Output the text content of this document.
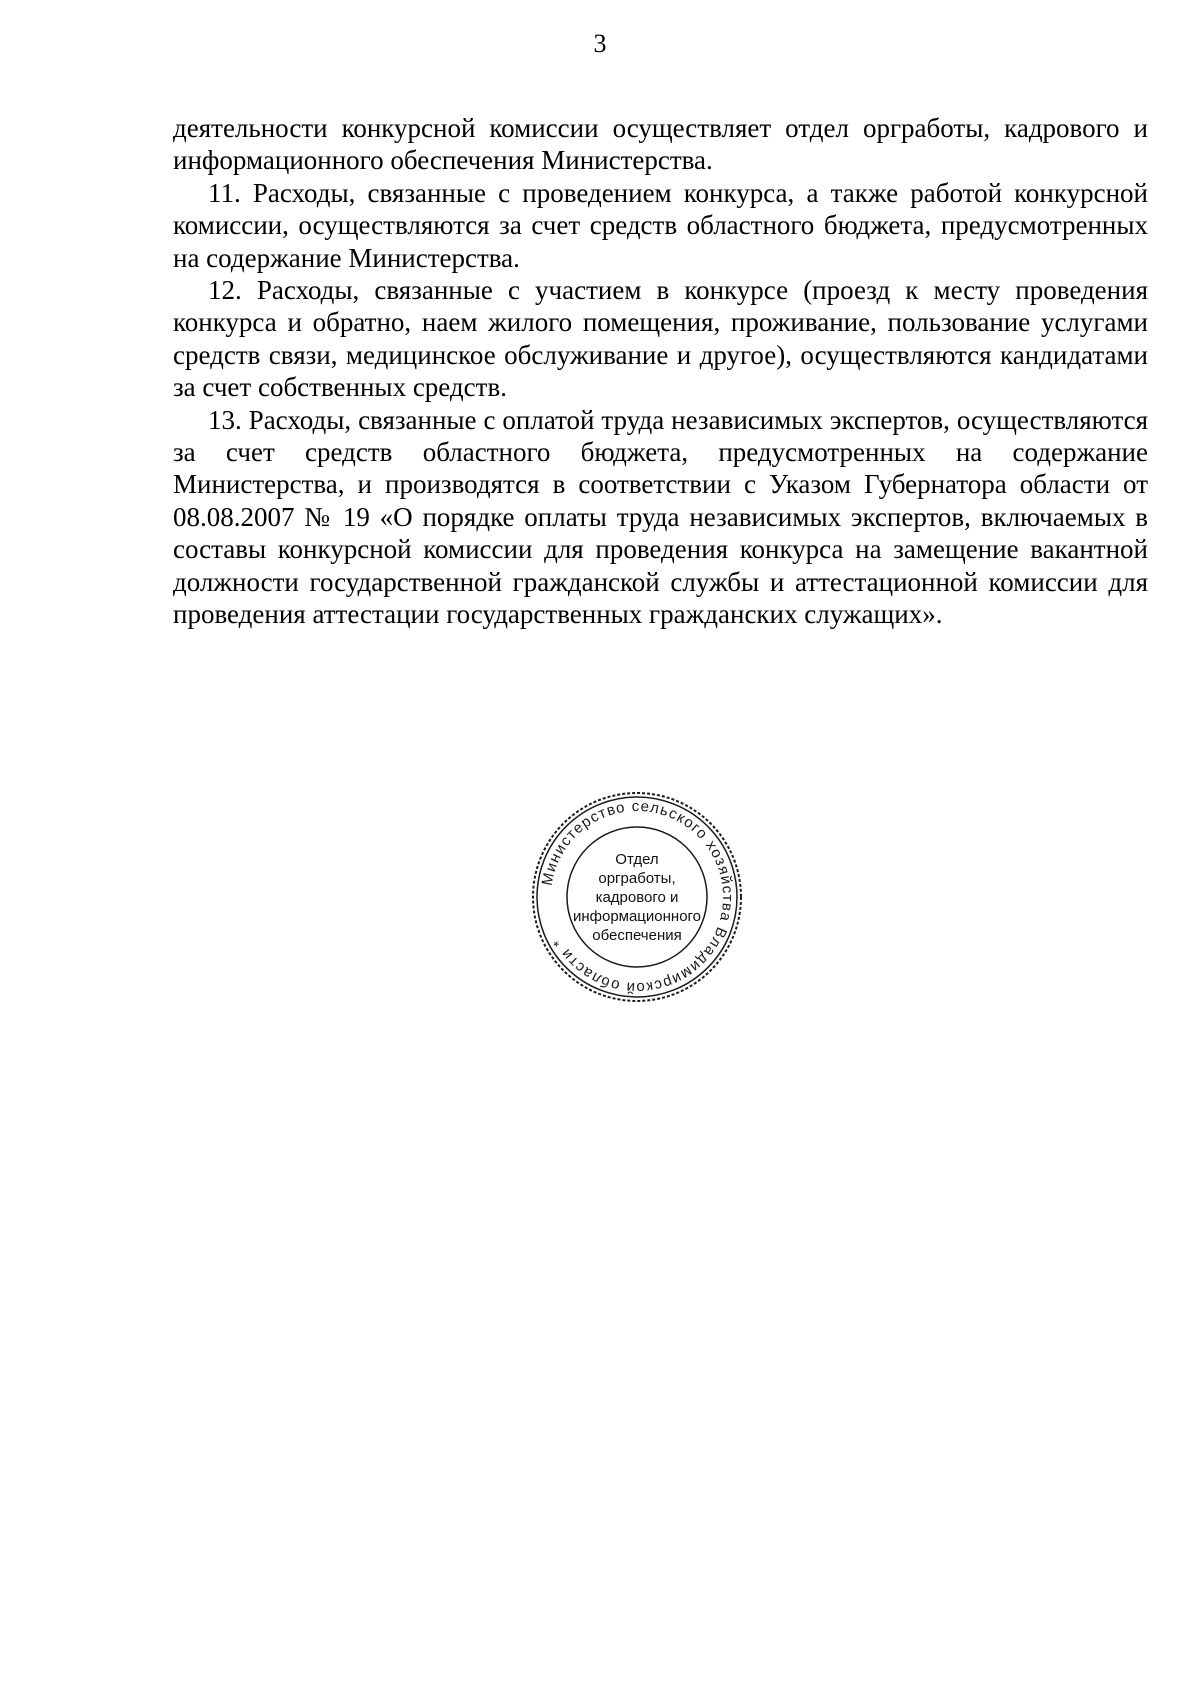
3

деятельности конкурсной комиссии осуществляет отдел оргработы, кадрового и информационного обеспечения Министерства.

11. Расходы, связанные с проведением конкурса, а также работой конкурсной комиссии, осуществляются за счет средств областного бюджета, предусмотренных на содержание Министерства.

12. Расходы, связанные с участием в конкурсе (проезд к месту проведения конкурса и обратно, наем жилого помещения, проживание, пользование услугами средств связи, медицинское обслуживание и другое), осуществляются кандидатами за счет собственных средств.

13. Расходы, связанные с оплатой труда независимых экспертов, осуществляются за счет средств областного бюджета, предусмотренных на содержание Министерства, и производятся в соответствии с Указом Губернатора области от 08.08.2007 № 19 «О порядке оплаты труда независимых экспертов, включаемых в составы конкурсной комиссии для проведения конкурса на замещение вакантной должности государственной гражданской службы и аттестационной комиссии для проведения аттестации государственных гражданских служащих».

Министерство сельского хозяйства Владимирской области *
Отдел
оргработы,
кадрового и
информационного
обеспечения
